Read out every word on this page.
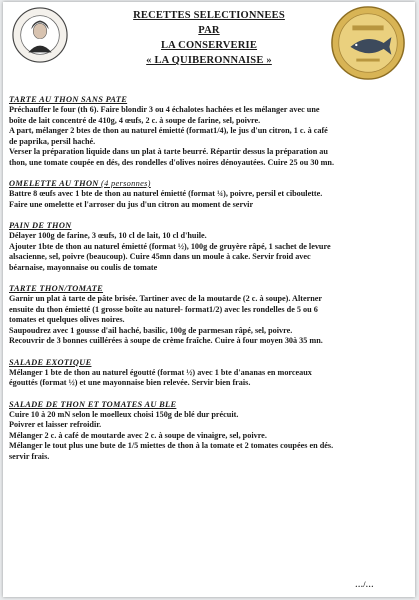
RECETTES SELECTIONNEES
PAR
LA CONSERVERIE
« LA QUIBERONNAISE »
TARTE AU THON SANS PATE
Préchauffer le four (th 6). Faire blondir 3 ou 4 échalotes hachées et les mélanger avec une
boîte de lait concentré de 410g, 4 œufs, 2 c. à soupe de farine, sel, poivre.
A part, mélanger 2 btes de thon au naturel émietté (format1/4), le jus d'un citron, 1 c. à café
de paprika, persil haché.
Verser la préparation liquide dans un plat à tarte beurré. Répartir dessus la préparation au
thon, une tomate coupée en dés, des rondelles d'olives noires dénoyautées. Cuire 25 ou 30 mn.
OMELETTE AU THON (4 personnes)
Battre 8 œufs avec 1 bte de thon au naturel émietté (format ¼), poivre, persil et ciboulette.
Faire une omelette et l'arroser du jus d'un citron au moment de servir
PAIN DE THON
Délayer 100g de farine, 3 œufs, 10 cl de lait, 10 cl d'huile.
Ajouter 1bte de thon au naturel émietté (format ½), 100g de gruyère râpé, 1 sachet de levure
alsacienne, sel, poivre (beaucoup). Cuire 45mn dans un moule à cake. Servir froid avec
béarnaise, mayonnaise ou coulis de tomate
TARTE THON/TOMATE
Garnir un plat à tarte de pâte brisée. Tartiner avec de la moutarde (2 c. à soupe). Alterner
ensuite du thon émietté (1 grosse boîte au naturel- format1/2) avec les rondelles de 5 ou 6
tomates et quelques olives noires.
Saupoudrez avec 1 gousse d'ail haché, basilic, 100g de parmesan râpé, sel, poivre.
Recouvrir de 3 bonnes cuillérées à soupe de crème fraîche. Cuire à four moyen 30à 35 mn.
SALADE EXOTIQUE
Mélanger 1 bte de thon au naturel égoutté (format ½) avec 1 bte d'ananas en morceaux
égouttés (format ½) et une mayonnaise bien relevée. Servir bien frais.
SALADE DE THON ET TOMATES AU BLE
Cuire 10 à 20 mN selon le moelleux choisi 150g de blé dur précuit.
Poivrer et laisser refroidir.
Mélanger 2 c. à café de moutarde avec 2 c. à soupe de vinaigre, sel, poivre.
Mélanger le tout plus une bute de 1/5 miettes de thon à la tomate et 2 tomates coupées en dés.
servir frais.
…/…
